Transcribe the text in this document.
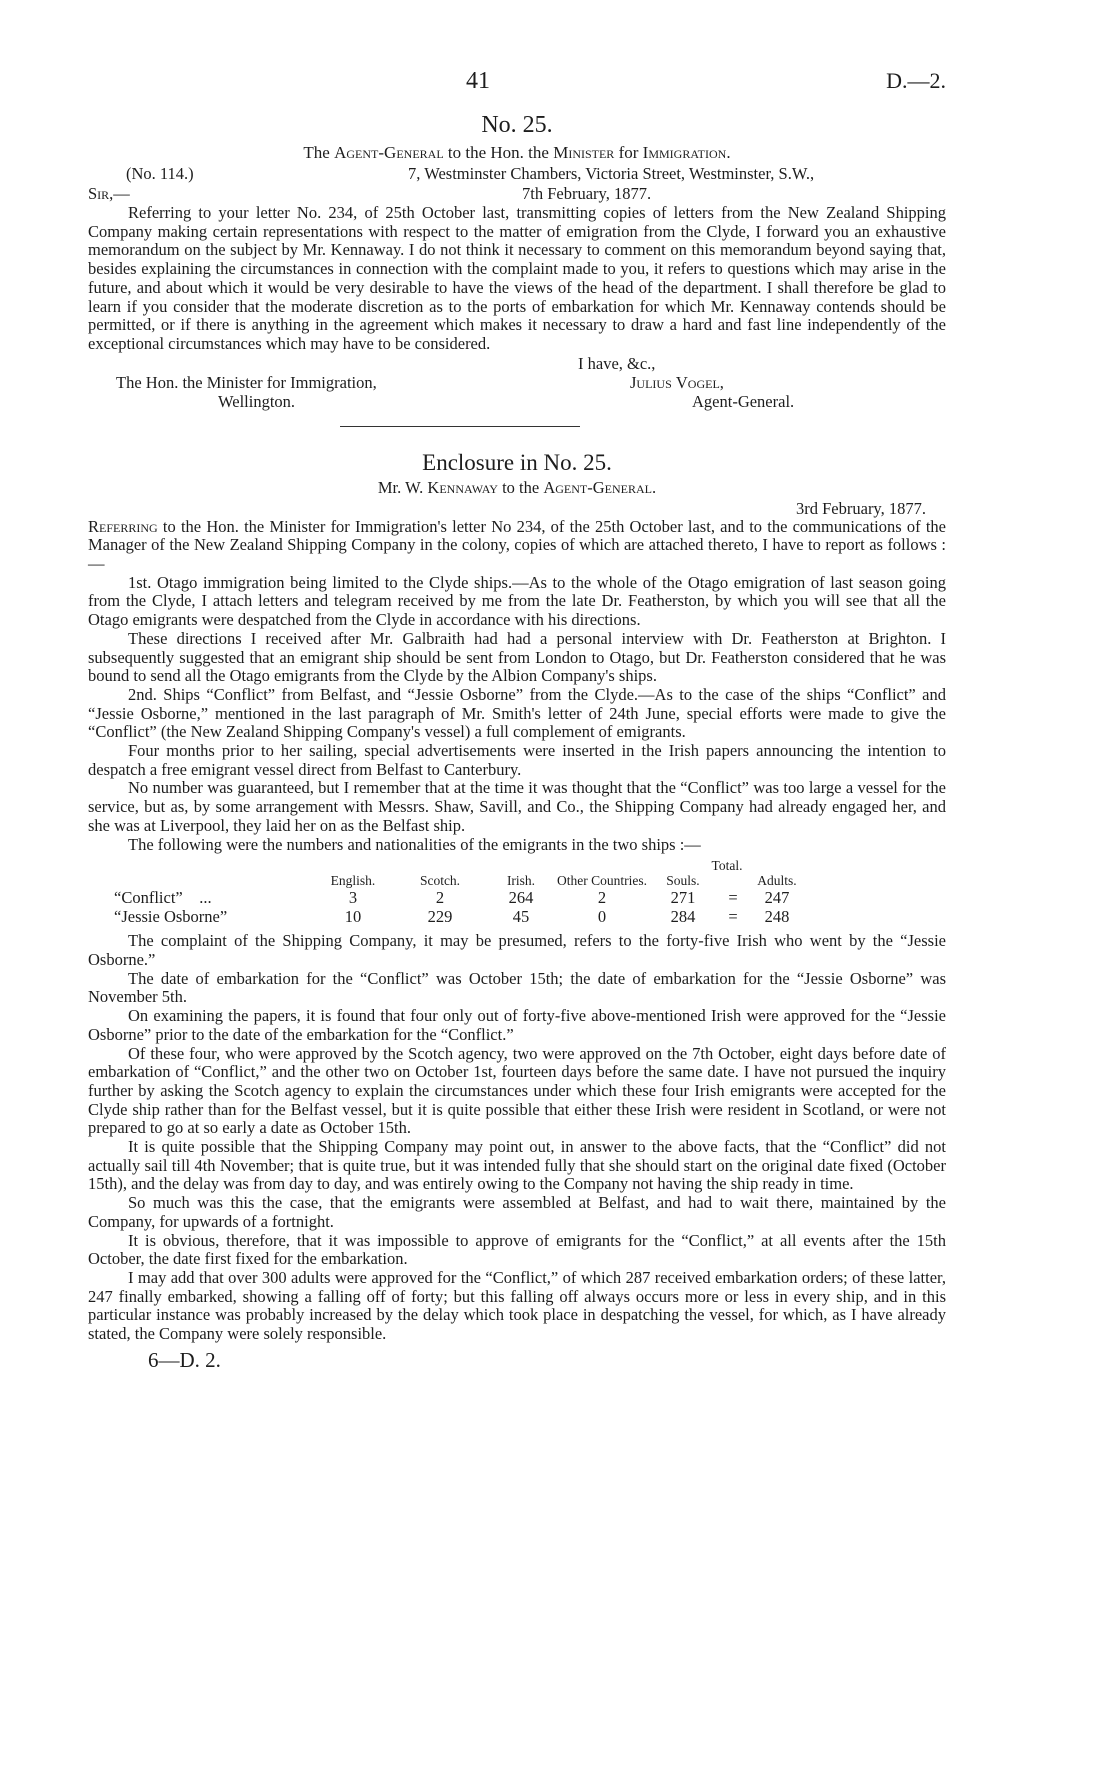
41	D.—2.
No. 25.
The Agent-General to the Hon. the Minister for Immigration.
(No. 114.)
Sir,—
7, Westminster Chambers, Victoria Street, Westminster, S.W.,
7th February, 1877.

Referring to your letter No. 234, of 25th October last, transmitting copies of letters from the New Zealand Shipping Company making certain representations with respect to the matter of emigration from the Clyde, I forward you an exhaustive memorandum on the subject by Mr. Kennaway. I do not think it necessary to comment on this memorandum beyond saying that, besides explaining the circumstances in connection with the complaint made to you, it refers to questions which may arise in the future, and about which it would be very desirable to have the views of the head of the department. I shall therefore be glad to learn if you consider that the moderate discretion as to the ports of embarkation for which Mr. Kennaway contends should be permitted, or if there is anything in the agreement which makes it necessary to draw a hard and fast line independently of the exceptional circumstances which may have to be considered.

I have, &c.,
Julius Vogel,
Agent-General.
The Hon. the Minister for Immigration,
Wellington.
Enclosure in No. 25.
Mr. W. Kennaway to the Agent-General.
3rd February, 1877.

Referring to the Hon. the Minister for Immigration's letter No 234, of the 25th October last, and to the communications of the Manager of the New Zealand Shipping Company in the colony, copies of which are attached thereto, I have to report as follows :—

1st. Otago immigration being limited to the Clyde ships.—As to the whole of the Otago emigration of last season going from the Clyde, I attach letters and telegram received by me from the late Dr. Featherston, by which you will see that all the Otago emigrants were despatched from the Clyde in accordance with his directions.

These directions I received after Mr. Galbraith had had a personal interview with Dr. Featherston at Brighton. I subsequently suggested that an emigrant ship should be sent from London to Otago, but Dr. Featherston considered that he was bound to send all the Otago emigrants from the Clyde by the Albion Company's ships.

2nd. Ships “Conflict” from Belfast, and “Jessie Osborne” from the Clyde.—As to the case of the ships “Conflict” and “Jessie Osborne,” mentioned in the last paragraph of Mr. Smith's letter of 24th June, special efforts were made to give the “Conflict” (the New Zealand Shipping Company's vessel) a full complement of emigrants.

Four months prior to her sailing, special advertisements were inserted in the Irish papers announcing the intention to despatch a free emigrant vessel direct from Belfast to Canterbury.

No number was guaranteed, but I remember that at the time it was thought that the “Conflict” was too large a vessel for the service, but as, by some arrangement with Messrs. Shaw, Savill, and Co., the Shipping Company had already engaged her, and she was at Liverpool, they laid her on as the Belfast ship.

The following were the numbers and nationalities of the emigrants in the two ships :—

	English.	Scotch.	Irish.	Other Countries.	Total.		
					Souls.		Adults.
“Conflict” ...	3	2	264	2	271	=	247
“Jessie Osborne”	10	229	45	0	284	=	248

The complaint of the Shipping Company, it may be presumed, refers to the forty-five Irish who went by the “Jessie Osborne.”

The date of embarkation for the “Conflict” was October 15th; the date of embarkation for the “Jessie Osborne” was November 5th.

On examining the papers, it is found that four only out of forty-five above-mentioned Irish were approved for the “Jessie Osborne” prior to the date of the embarkation for the “Conflict.”

Of these four, who were approved by the Scotch agency, two were approved on the 7th October, eight days before date of embarkation of “Conflict,” and the other two on October 1st, fourteen days before the same date. I have not pursued the inquiry further by asking the Scotch agency to explain the circumstances under which these four Irish emigrants were accepted for the Clyde ship rather than for the Belfast vessel, but it is quite possible that either these Irish were resident in Scotland, or were not prepared to go at so early a date as October 15th.

It is quite possible that the Shipping Company may point out, in answer to the above facts, that the “Conflict” did not actually sail till 4th November; that is quite true, but it was intended fully that she should start on the original date fixed (October 15th), and the delay was from day to day, and was entirely owing to the Company not having the ship ready in time.

So much was this the case, that the emigrants were assembled at Belfast, and had to wait there, maintained by the Company, for upwards of a fortnight.

It is obvious, therefore, that it was impossible to approve of emigrants for the “Conflict,” at all events after the 15th October, the date first fixed for the embarkation.

I may add that over 300 adults were approved for the “Conflict,” of which 287 received embarkation orders; of these latter, 247 finally embarked, showing a falling off of forty; but this falling off always occurs more or less in every ship, and in this particular instance was probably increased by the delay which took place in despatching the vessel, for which, as I have already stated, the Company were solely responsible.

6—D. 2.
